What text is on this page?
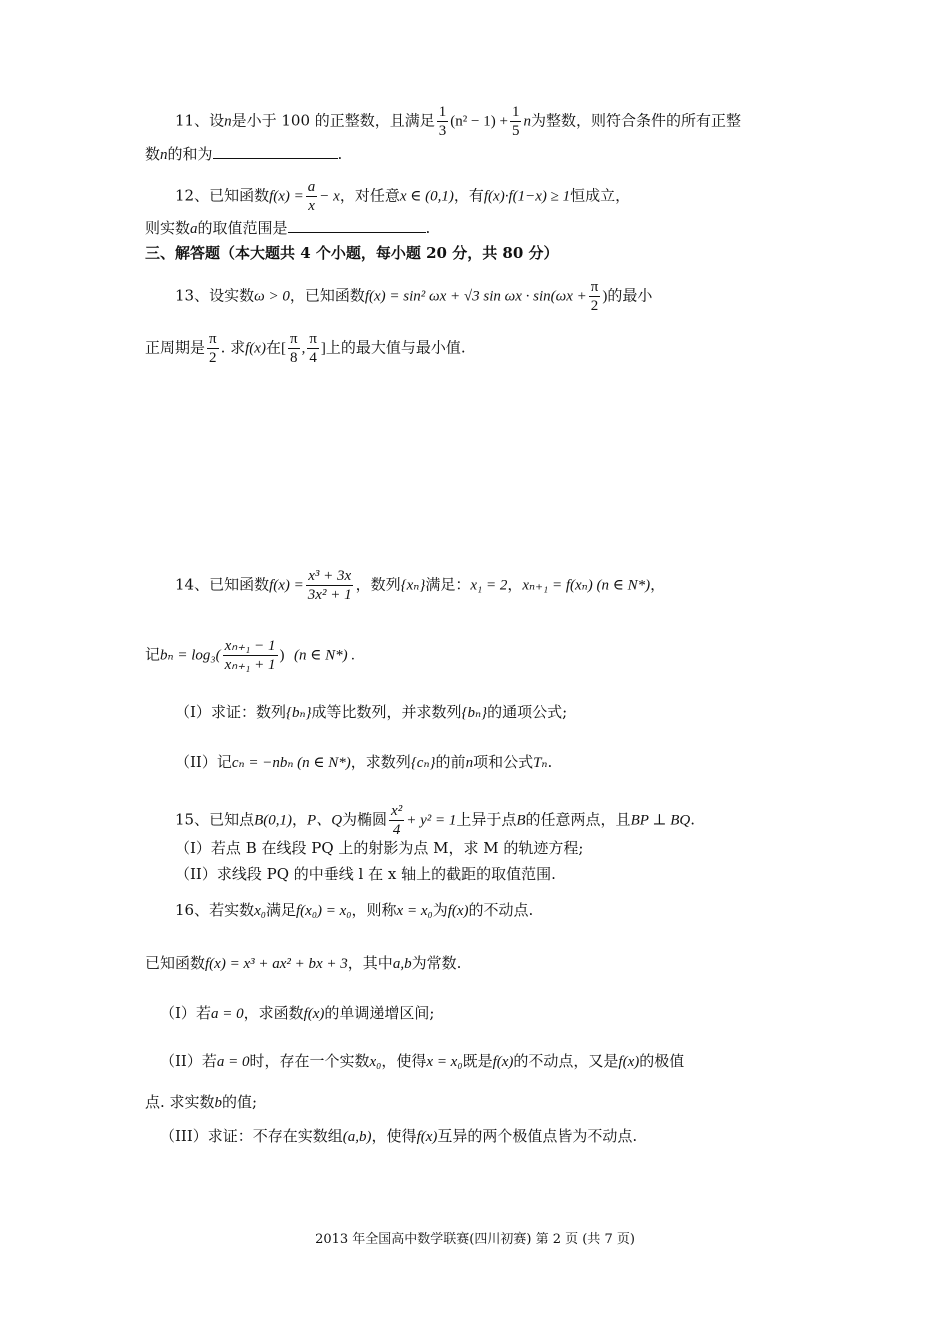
11、设n是小于 100 的正整数，且满足 $\frac{1}{3} (n^2 - 1) + \frac{1}{5}$ n为整数，则符合条件的所有正整
数n的和为	.
12、已知函数$f(x) = \frac{a}{x} - x$，对任意x ∈ (0,1)，有f(x)·f(1−x) ≥ 1恒成立，
则实数a的取值范围是	.
三、解答题（本大题共 4 个小题，每小题 20 分，共 80 分）
13、设实数ω > 0，已知函数f(x) = sin² ωx + √3 $\sin \omega x \cdot \sin(\omega x + \frac{\pi}{2}$ )的最小
正周期是 $\frac{\pi}{2}$ . 求f(x)在[ $\frac{\pi}{8}$ , $\frac{\pi}{4}$ ]上的最大值与最小值.
14、已知函数$f(x) = \frac{\text{x³ + 3x}}{\text{3x² + 1}}$ ，数列{xₙ}满足：x₁ = 2，xₙ₊₁ = f(xₙ) (n ∈ N*)，
记$b_n = \log_3( \frac{\text{xₙ₊₁ − 1}}{\text{xₙ₊₁ + 1}}$ ) (n ∈ N*) .
（I）求证：数列{bₙ}成等比数列，并求数列{bₙ}的通项公式;
（II）记cₙ = −nbₙ (n ∈ N*)，求数列{cₙ}的前n项和公式Tₙ.
15、已知点B(0,1)，P、Q为椭圆 $\frac{\text{x²}}{4} + y^2 = 1$上异于点B的任意两点，且BP ⊥ BQ.
（I）若点 B 在线段 PQ 上的射影为点 M，求 M 的轨迹方程;
（II）求线段 PQ 的中垂线 l 在 x 轴上的截距的取值范围.
16、若实数x₀满足f(x₀) = x₀，则称x = x₀为f(x)的不动点.
已知函数f(x) = x³ + ax² + bx + 3，其中a,b为常数.
（I）若a = 0，求函数f(x)的单调递增区间;
（II）若a = 0时，存在一个实数x₀，使得x = x₀既是f(x)的不动点，又是f(x)的极值
点. 求实数b的值;
（III）求证：不存在实数组(a,b)，使得f(x)互异的两个极值点皆为不动点.
2013 年全国高中数学联赛(四川初赛) 第 2 页 (共 7 页)
